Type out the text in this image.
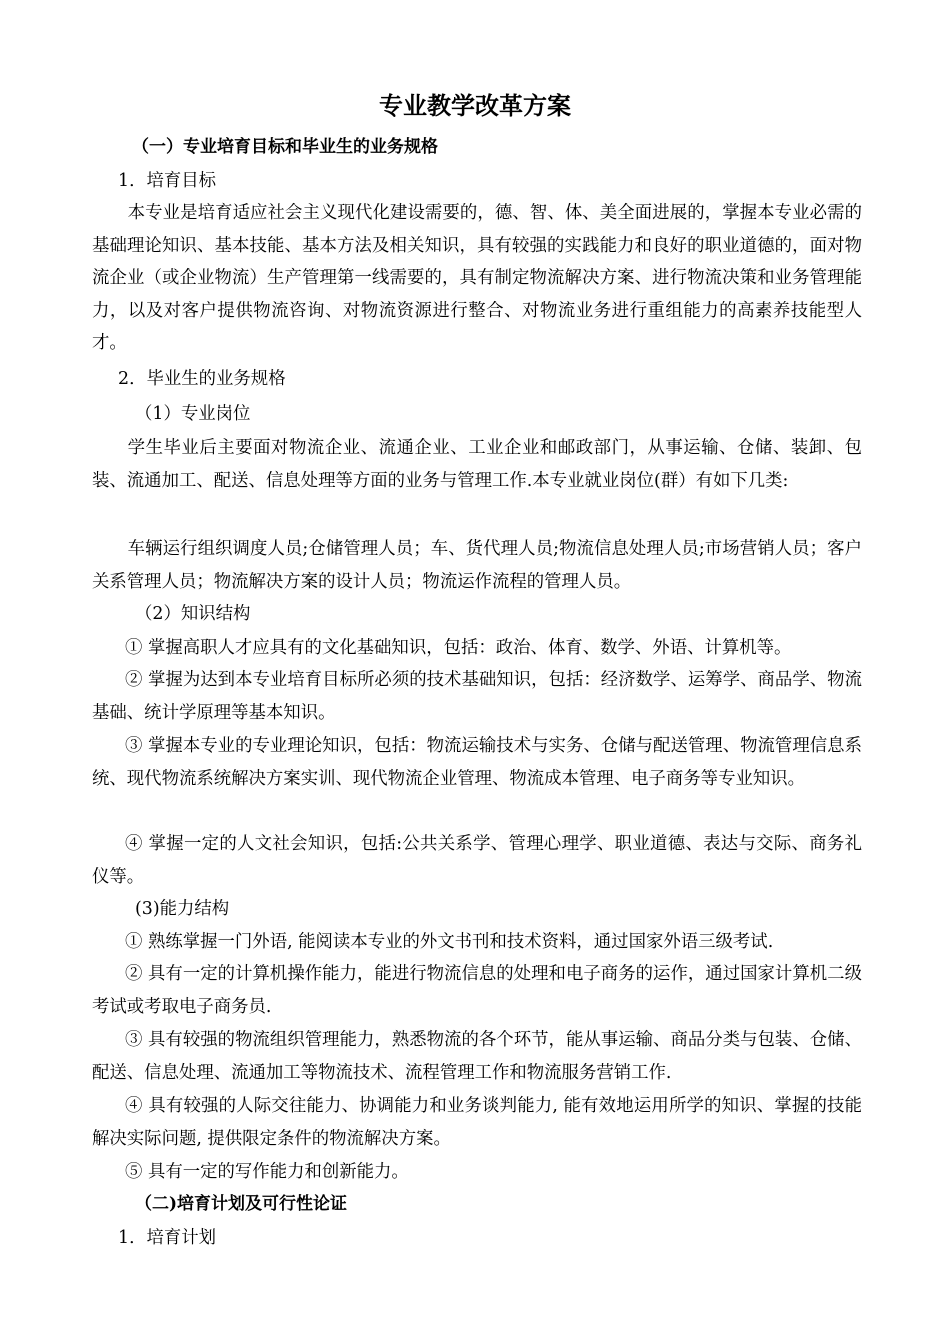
专业教学改革方案
（一）专业培育目标和毕业生的业务规格
1．培育目标
本专业是培育适应社会主义现代化建设需要的，德、智、体、美全面进展的，掌握本专业必需的基础理论知识、基本技能、基本方法及相关知识，具有较强的实践能力和良好的职业道德的，面对物流企业（或企业物流）生产管理第一线需要的，具有制定物流解决方案、进行物流决策和业务管理能力，以及对客户提供物流咨询、对物流资源进行整合、对物流业务进行重组能力的高素养技能型人才。
2．毕业生的业务规格
（1）专业岗位
学生毕业后主要面对物流企业、流通企业、工业企业和邮政部门，从事运输、仓储、装卸、包装、流通加工、配送、信息处理等方面的业务与管理工作.本专业就业岗位(群）有如下几类:
车辆运行组织调度人员;仓储管理人员；车、货代理人员;物流信息处理人员;市场营销人员；客户关系管理人员；物流解决方案的设计人员；物流运作流程的管理人员。
（2）知识结构
① 掌握高职人才应具有的文化基础知识，包括：政治、体育、数学、外语、计算机等。
② 掌握为达到本专业培育目标所必须的技术基础知识，包括：经济数学、运筹学、商品学、物流基础、统计学原理等基本知识。
③ 掌握本专业的专业理论知识，包括：物流运输技术与实务、仓储与配送管理、物流管理信息系统、现代物流系统解决方案实训、现代物流企业管理、物流成本管理、电子商务等专业知识。
④ 掌握一定的人文社会知识，包括:公共关系学、管理心理学、职业道德、表达与交际、商务礼仪等。
(3)能力结构
① 熟练掌握一门外语, 能阅读本专业的外文书刊和技术资料，通过国家外语三级考试.
② 具有一定的计算机操作能力，能进行物流信息的处理和电子商务的运作，通过国家计算机二级考试或考取电子商务员.
③ 具有较强的物流组织管理能力，熟悉物流的各个环节，能从事运输、商品分类与包装、仓储、配送、信息处理、流通加工等物流技术、流程管理工作和物流服务营销工作.
④ 具有较强的人际交往能力、协调能力和业务谈判能力, 能有效地运用所学的知识、掌握的技能解决实际问题, 提供限定条件的物流解决方案。
⑤ 具有一定的写作能力和创新能力。
（二)培育计划及可行性论证
1．培育计划
